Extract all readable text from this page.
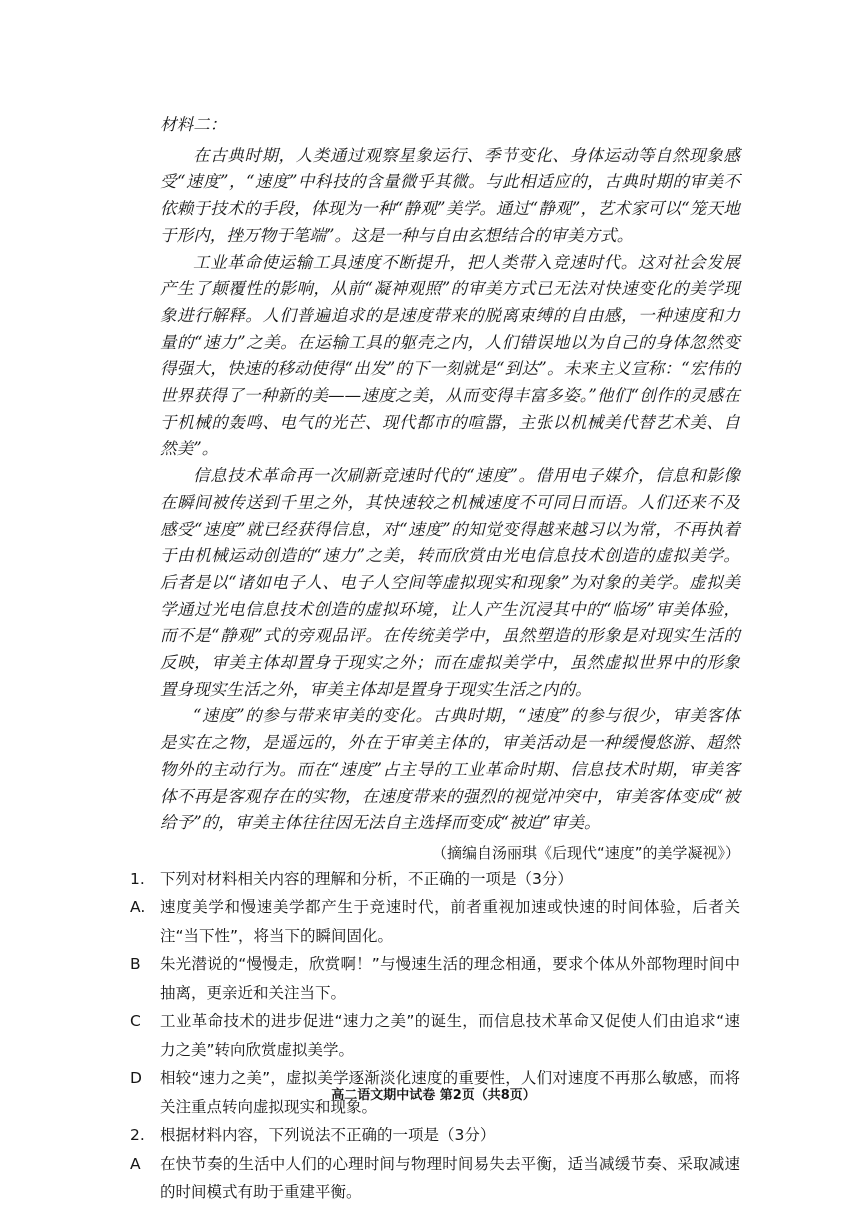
材料二：

在古典时期，人类通过观察星象运行、季节变化、身体运动等自然现象感受“速度”，“速度”中科技的含量微乎其微。与此相适应的，古典时期的审美不依赖于技术的手段，体现为一种“静观”美学。通过“静观”，艺术家可以“笼天地于形内，挫万物于笔端”。这是一种与自由玄想结合的审美方式。

工业革命使运输工具速度不断提升，把人类带入竞速时代。这对社会发展产生了颠覆性的影响，从前“凝神观照”的审美方式已无法对快速变化的美学现象进行解释。人们普遍追求的是速度带来的脱离束缚的自由感，一种速度和力量的“速力”之美。在运输工具的躯壳之内，人们错误地以为自己的身体忽然变得强大，快速的移动使得“出发”的下一刻就是“到达”。未来主义宣称：“宏伟的世界获得了一种新的美——速度之美，从而变得丰富多姿。”他们“创作的灵感在于机械的轰鸣、电气的光芒、现代都市的喧嚣，主张以机械美代替艺术美、自然美”。

信息技术革命再一次刷新竞速时代的“速度”。借用电子媒介，信息和影像在瞬间被传送到千里之外，其快速较之机械速度不可同日而语。人们还来不及感受“速度”就已经获得信息，对“速度”的知觉变得越来越习以为常，不再执着于由机械运动创造的“速力”之美，转而欣赏由光电信息技术创造的虚拟美学。后者是以“诸如电子人、电子人空间等虚拟现实和现象”为对象的美学。虚拟美学通过光电信息技术创造的虚拟环境，让人产生沉浸其中的“临场”审美体验，而不是“静观”式的旁观品评。在传统美学中，虽然塑造的形象是对现实生活的反映，审美主体却置身于现实之外；而在虚拟美学中，虽然虚拟世界中的形象置身现实生活之外，审美主体却是置身于现实生活之内的。

“速度”的参与带来审美的变化。古典时期，“速度”的参与很少，审美客体是实在之物，是遥远的，外在于审美主体的，审美活动是一种缓慢悠游、超然物外的主动行为。而在“速度”占主导的工业革命时期、信息技术时期，审美客体不再是客观存在的实物，在速度带来的强烈的视觉冲突中，审美客体变成“被给予”的，审美主体往往因无法自主选择而变成“被迫”审美。

（摘编自汤丽琪《后现代“速度”的美学凝视》）
1. 下列对材料相关内容的理解和分析，不正确的一项是（3分）
A. 速度美学和慢速美学都产生于竞速时代，前者重视加速或快速的时间体验，后者关注“当下性”，将当下的瞬间固化。
B	朱光潜说的“慢慢走，欣赏啊！”与慢速生活的理念相通，要求个体从外部物理时间中抽离，更亲近和关注当下。
C	工业革命技术的进步促进“速力之美”的诞生，而信息技术革命又促使人们由追求“速力之美”转向欣赏虚拟美学。
D	相较“速力之美”，虚拟美学逐渐淡化速度的重要性，人们对速度不再那么敏感，而将关注重点转向虚拟现实和现象。
2. 根据材料内容，下列说法不正确的一项是（3分）
A	在快节奏的生活中人们的心理时间与物理时间易失去平衡，适当减缓节奏、采取减速的时间模式有助于重建平衡。
高二语文期中试卷 第2页（共8页）
